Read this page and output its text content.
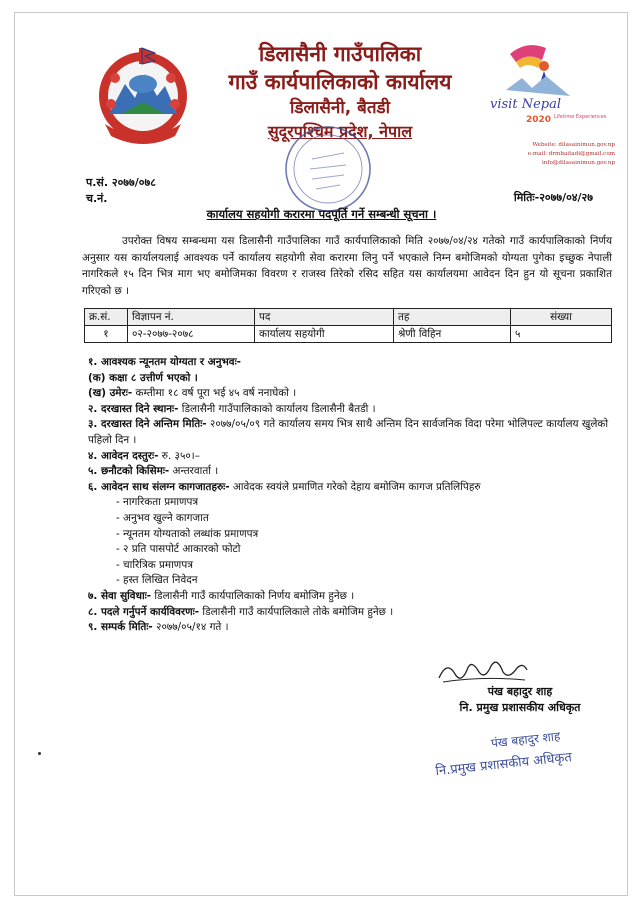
डिलासैनी गाउँपालिका
गाउँ कार्यपालिकाको कार्यालय
डिलासैनी, बैतडी
सुदूरपश्चिम प्रदेश, नेपाल
visit Nepal
2020 Lifetime Experiences
Website: dilasainimun.gov.np
e-mail: drmbaitadi@gmail.com
info@dilasainimun.gov.np
प.सं. २०७७/०७८
च.नं.	मितिः-२०७७/०४/२७
कार्यालय सहयोगी करारमा पदपूर्ति गर्ने सम्बन्धी सूचना ।
उपरोक्त विषय सम्बन्धमा यस डिलासैनी गाउँपालिका गाउँ कार्यपालिकाको मिति २०७७/०४/२४ गतेको गाउँ कार्यपालिकाको निर्णय अनुसार यस कार्यालयलाई आवश्यक पर्ने कार्यालय सहयोगी सेवा करारमा लिनु पर्ने भएकाले निम्न बमोजिमको योग्यता पुगेका इच्छुक नेपाली नागरिकले १५ दिन भित्र माग भए बमोजिमका विवरण र राजस्व तिरेको रसिद सहित यस कार्यालयमा आवेदन दिन हुन यो सूचना प्रकाशित गरिएको छ ।
क्र.सं.	विज्ञापन नं.	पद	तह	संख्या
१	०२-२०७७-२०७८	कार्यालय सहयोगी	श्रेणी विहिन	५
१. आवश्यक न्यूनतम योग्यता र अनुभवः-
(क) कक्षा ८ उत्तीर्ण भएको ।
(ख) उमेरः- कम्तीमा १८ वर्ष पूरा भई ४५ वर्ष ननाघेको ।
२. दरखास्त दिने स्थानः- डिलासैनी गाउँपालिकाको कार्यालय डिलासैनी बैतडी ।
३. दरखास्त दिने अन्तिम मितिः- २०७७/०५/०९ गते कार्यालय समय भित्र साथै अन्तिम दिन सार्वजनिक विदा परेमा भोलिपल्ट कार्यालय खुलेको पहिलो दिन ।
४. आवेदन दस्तुरः- रु. ३५०।–
५. छनौटको किसिमः- अन्तरवार्ता ।
६. आवेदन साथ संलग्न कागजातहरुः- आवेदक स्वयंले प्रमाणित गरेको देहाय बमोजिम कागज प्रतिलिपिहरु
- नागरिकता प्रमाणपत्र
- अनुभव खुल्ने कागजात
- न्यूनतम योग्यताको लब्धांक प्रमाणपत्र
- २ प्रति पासपोर्ट आकारको फोटो
- चारित्रिक प्रमाणपत्र
- हस्त लिखित निवेदन
७. सेवा सुविधाः- डिलासैनी गाउँ कार्यपालिकाको निर्णय बमोजिम हुनेछ ।
८. पदले गर्नुपर्ने कार्यविवरणः- डिलासैनी गाउँ कार्यपालिकाले तोके बमोजिम हुनेछ ।
९. सम्पर्क मितिः- २०७७/०५/१४ गते ।
पंख बहादुर शाह
नि. प्रमुख प्रशासकीय अधिकृत
पंख बहादुर शाह
नि.प्रमुख प्रशासकीय अधिकृत
